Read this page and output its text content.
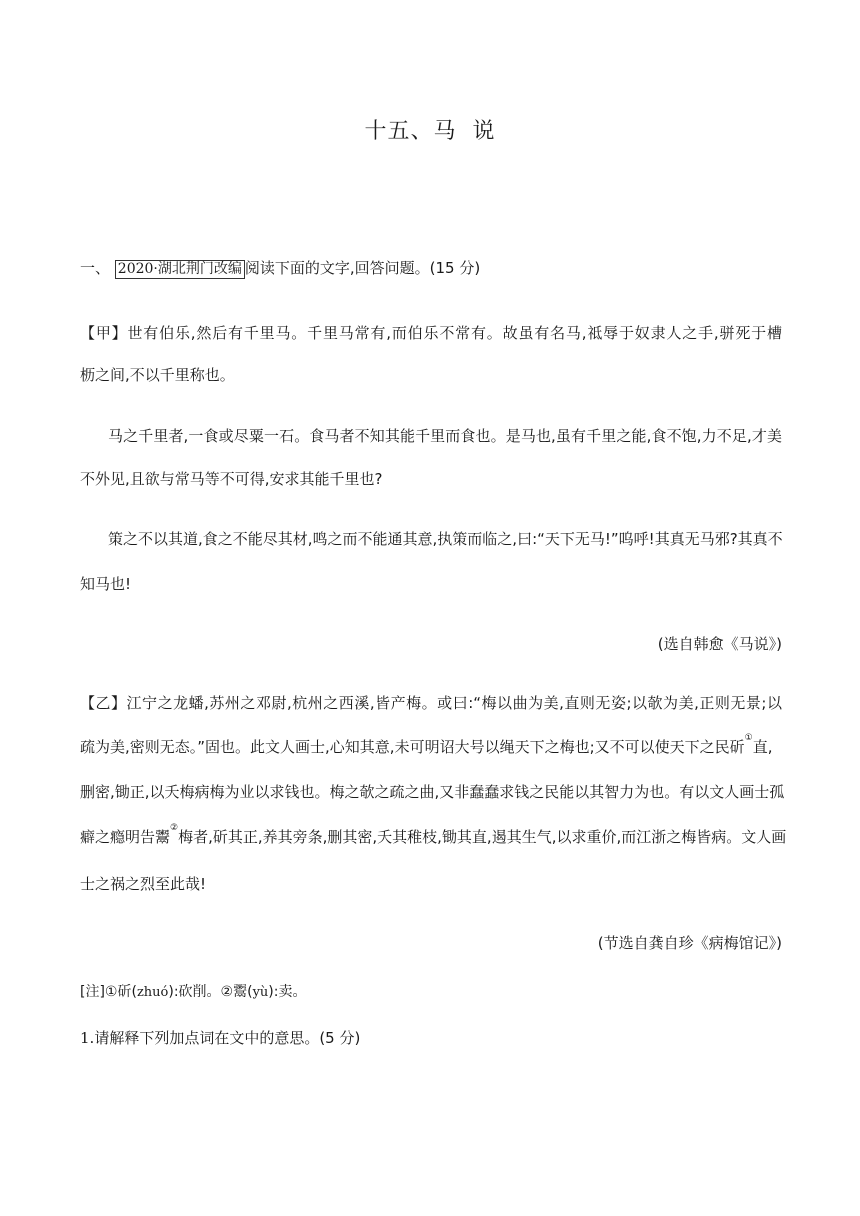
十五、马 说
一、 2020·湖北荆门改编 阅读下面的文字,回答问题。(15 分)
【甲】世有伯乐,然后有千里马。千里马常有,而伯乐不常有。故虽有名马,祗辱于奴隶人之手,骈死于槽
枥之间,不以千里称也。
马之千里者,一食或尽粟一石。食马者不知其能千里而食也。是马也,虽有千里之能,食不饱,力不足,才美
不外见,且欲与常马等不可得,安求其能千里也?
策之不以其道,食之不能尽其材,鸣之而不能通其意,执策而临之,曰:“天下无马!”呜呼!其真无马邪?其真不
知马也!
(选自韩愈《马说》)
【乙】江宁之龙蟠,苏州之邓尉,杭州之西溪,皆产梅。或曰:“梅以曲为美,直则无姿;以欹为美,正则无景;以
疏为美,密则无态。”固也。此文人画士,心知其意,未可明诏大号以绳天下之梅也;又不可以使天下之民斫①直,
删密,锄正,以夭梅病梅为业以求钱也。梅之欹之疏之曲,又非蠢蠢求钱之民能以其智力为也。有以文人画士孤
癖之瘾明告鬻②梅者,斫其正,养其旁条,删其密,夭其稚枝,锄其直,遏其生气,以求重价,而江浙之梅皆病。文人画
士之祸之烈至此哉!
(节选自龚自珍《病梅馆记》)
[注]①斫(zhuó):砍削。②鬻(yù):卖。
1.请解释下列加点词在文中的意思。(5 分)
